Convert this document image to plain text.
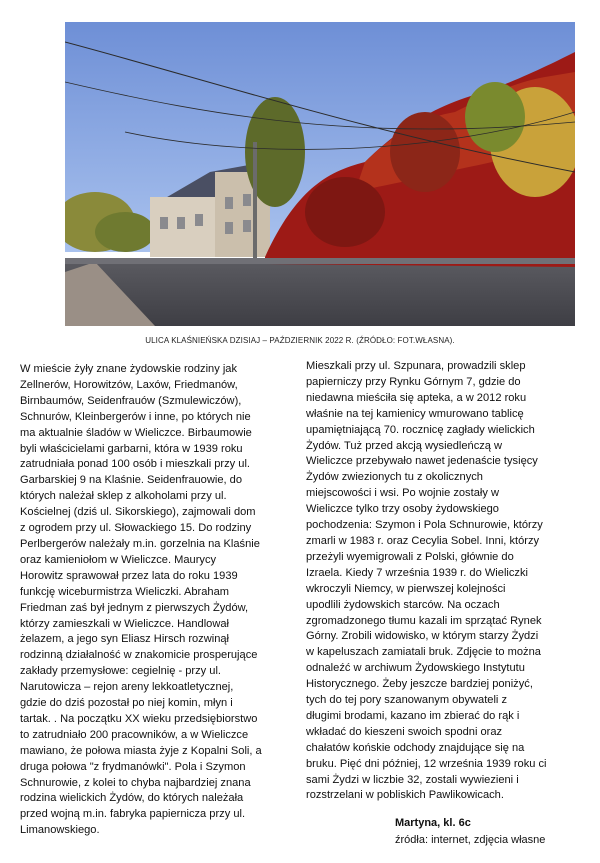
ULICA KLAŚNIEŃSKA DZISIAJ – PAŹDZIERNIK 2022 R. (ŹRÓDŁO: FOT.WŁASNA).
W mieście żyły znane żydowskie rodziny jak
Zellnerów, Horowitzów, Laxów, Friedmanów,
Birnbaumów, Seidenfrauów (Szmulewiczów),
Schnurów, Kleinbergerów i inne, po których nie
ma aktualnie śladów w Wieliczce. Birbaumowie
byli właścicielami garbarni, która w 1939 roku
zatrudniała ponad 100 osób i mieszkali przy ul.
Garbarskiej 9 na Klaśnie. Seidenfrauowie, do
których należał sklep z alkoholami przy ul.
Kościelnej (dziś ul. Sikorskiego), zajmowali dom
z ogrodem przy ul. Słowackiego 15. Do rodziny
Perlbergerów należały m.in. gorzelnia na Klaśnie
oraz kamieniołom w Wieliczce. Maurycy
Horowitz sprawował przez lata do roku 1939
funkcję wiceburmistrza Wieliczki. Abraham
Friedman zaś był jednym z pierwszych Żydów,
którzy zamieszkali w Wieliczce. Handlował
żelazem, a jego syn Eliasz Hirsch rozwinął
rodzinną działalność w znakomicie prosperujące
zakłady przemysłowe: cegielnię - przy ul.
Narutowicza – rejon areny lekkoatletycznej,
gdzie do dziś pozostał po niej komin, młyn i
tartak. . Na początku XX wieku przedsiębiorstwo
to zatrudniało 200 pracowników, a w Wieliczce
mawiano, że połowa miasta żyje z Kopalni Soli, a
druga połowa "z frydmanówki". Pola i Szymon
Schnurowie, z kolei to chyba najbardziej znana
rodzina wielickich Żydów, do których należała
przed wojną m.in. fabryka papiernicza przy ul.
Limanowskiego.
Mieszkali przy ul. Szpunara, prowadzili sklep
papierniczy przy Rynku Górnym 7, gdzie do
niedawna mieściła się apteka, a w 2012 roku
właśnie na tej kamienicy wmurowano tablicę
upamiętniającą 70. rocznicę zagłady wielickich
Żydów. Tuż przed akcją wysiedleńczą w
Wieliczce przebywało nawet jedenaście tysięcy
Żydów zwiezionych tu z okolicznych
miejscowości i wsi. Po wojnie zostały w
Wieliczce tylko trzy osoby żydowskiego
pochodzenia: Szymon i Pola Schnurowie, którzy
zmarli w 1983 r. oraz Cecylia Sobel. Inni, którzy
przeżyli wyemigrowali z Polski, głównie do
Izraela. Kiedy 7 września 1939 r. do Wieliczki
wkroczyli Niemcy, w pierwszej kolejności
upodlili żydowskich starców. Na oczach
zgromadzonego tłumu kazali im sprzątać Rynek
Górny. Zrobili widowisko, w którym starzy Żydzi
w kapeluszach zamiatali bruk. Zdjęcie to można
odnaleźć w archiwum Żydowskiego Instytutu
Historycznego. Żeby jeszcze bardziej poniżyć,
tych do tej pory szanowanym obywateli z
długimi brodami, kazano im zbierać do rąk i
wkładać do kieszeni swoich spodni oraz
chałatów końskie odchody znajdujące się na
bruku. Pięć dni później, 12 września 1939 roku ci
sami Żydzi w liczbie 32, zostali wywiezieni i
rozstrzelani w pobliskich Pawlikowicach.
Martyna, kl. 6c
źródła: internet, zdjęcia własne
